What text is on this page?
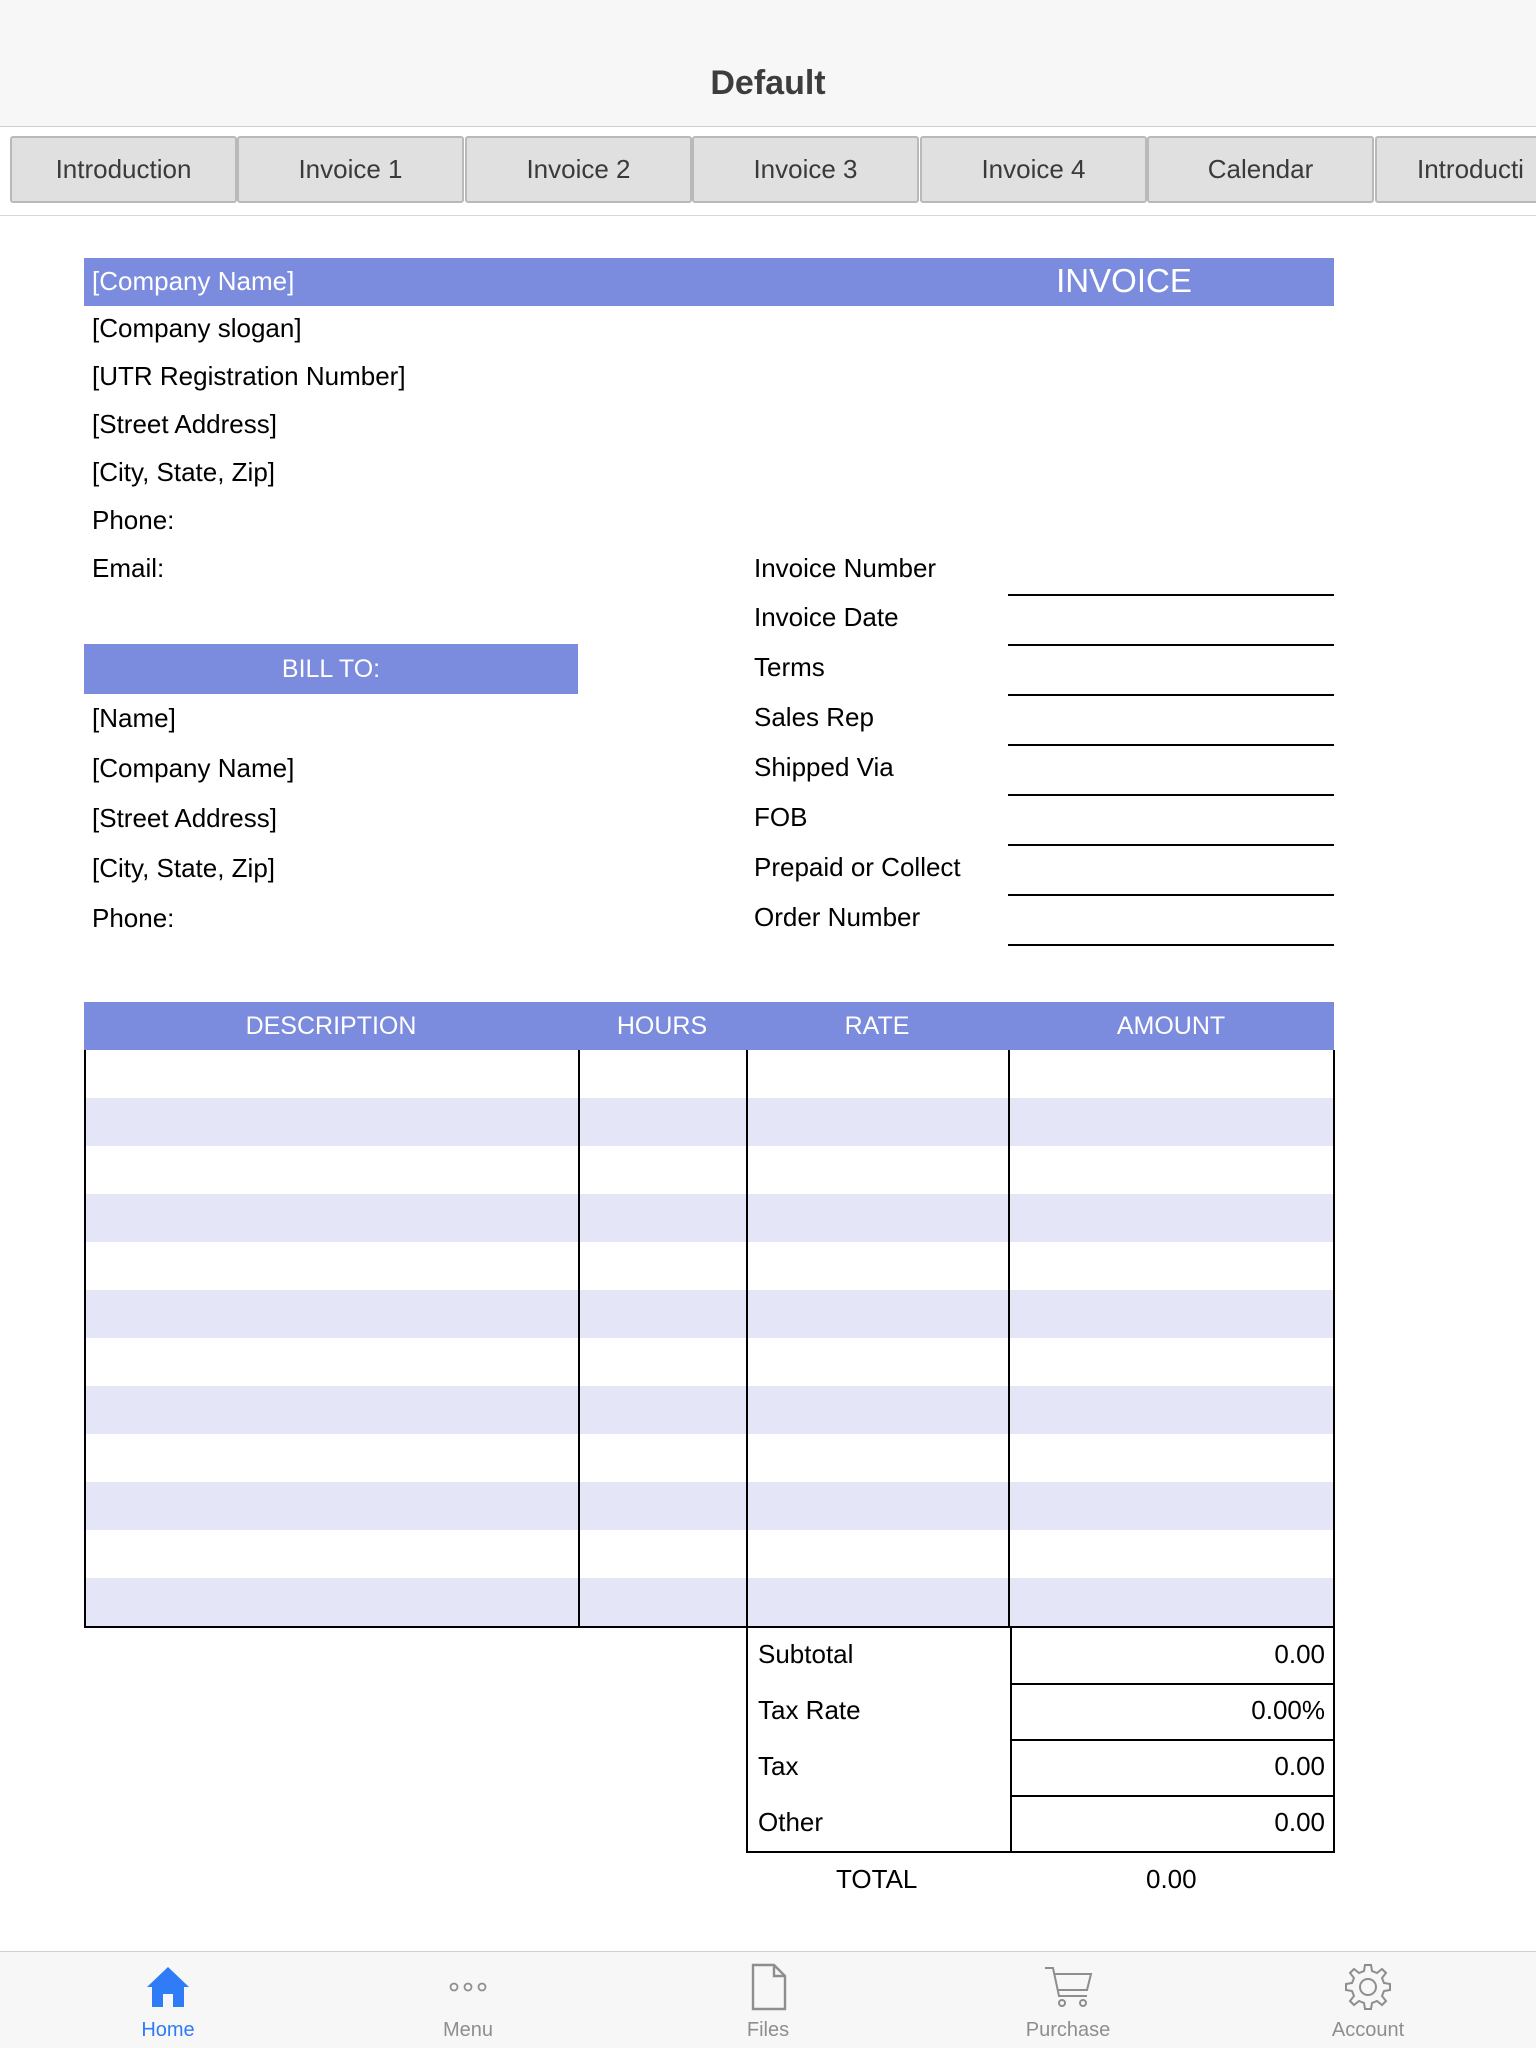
Default
Introduction	Invoice 1	Invoice 2	Invoice 3	Invoice 4	Calendar	Introducti
[Company Name]	INVOICE
[Company slogan]
[UTR Registration Number]
[Street Address]
[City, State, Zip]
Phone:
Email:
BILL TO:
[Name]
[Company Name]
[Street Address]
[City, State, Zip]
Phone:
Invoice Number
Invoice Date
Terms
Sales Rep
Shipped Via
FOB
Prepaid or Collect
Order Number
DESCRIPTION	HOURS	RATE	AMOUNT
Subtotal	0.00
Tax Rate	0.00%
Tax	0.00
Other	0.00
TOTAL	0.00
Home	Menu	Files	Purchase	Account
